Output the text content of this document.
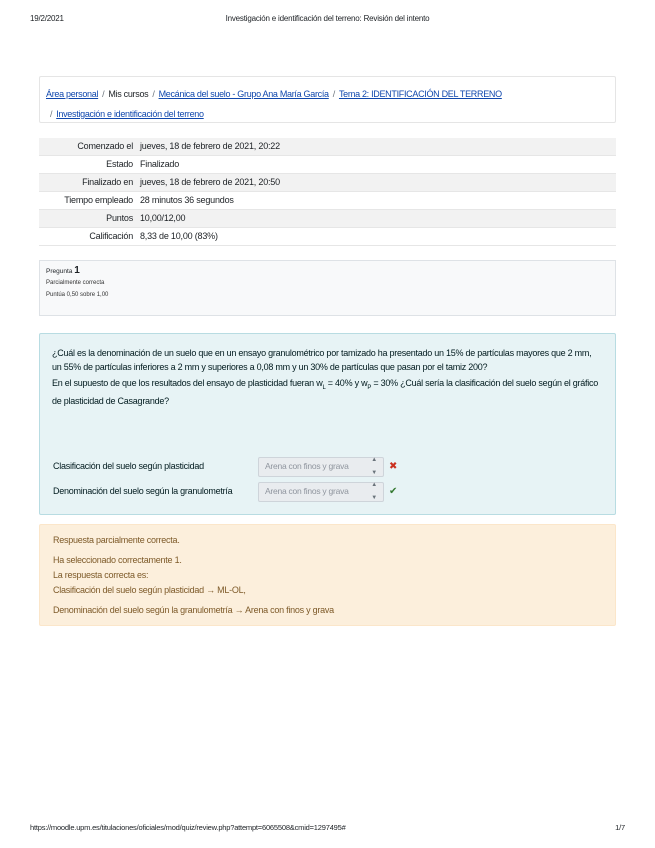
19/2/2021	Investigación e identificación del terreno: Revisión del intento
Área personal / Mis cursos / Mecánica del suelo - Grupo Ana María García / Tema 2: IDENTIFICACIÓN DEL TERRENO
/ Investigación e identificación del terreno
Comenzado el	jueves, 18 de febrero de 2021, 20:22
Estado	Finalizado
Finalizado en	jueves, 18 de febrero de 2021, 20:50
Tiempo empleado	28 minutos 36 segundos
Puntos	10,00/12,00
Calificación	8,33 de 10,00 (83%)
Pregunta 1
Parcialmente correcta
Puntúa 0,50 sobre 1,00

¿Cuál es la denominación de un suelo que en un ensayo granulométrico por tamizado ha presentado un 15% de partículas mayores que 2 mm, un 55% de partículas inferiores a 2 mm y superiores a 0,08 mm y un 30% de partículas que pasan por el tamiz 200?

En el supuesto de que los resultados del ensayo de plasticidad fueran $w_L = 40\%$ y $w_P = 30\%$ ¿Cuál sería la clasificación del suelo según el gráfico de plasticidad de Casagrande?

Clasificación del suelo según plasticidad	Arena con finos y grava
▲
▼
✖
Denominación del suelo según la granulometría	Arena con finos y grava
▲
▼
✔

Respuesta parcialmente correcta.

Ha seleccionado correctamente 1.

La respuesta correcta es:

Clasificación del suelo según plasticidad → ML-OL,

Denominación del suelo según la granulometría → Arena con finos y grava

https://moodle.upm.es/titulaciones/oficiales/mod/quiz/review.php?attempt=6065508&cmid=1297495#	1/7
